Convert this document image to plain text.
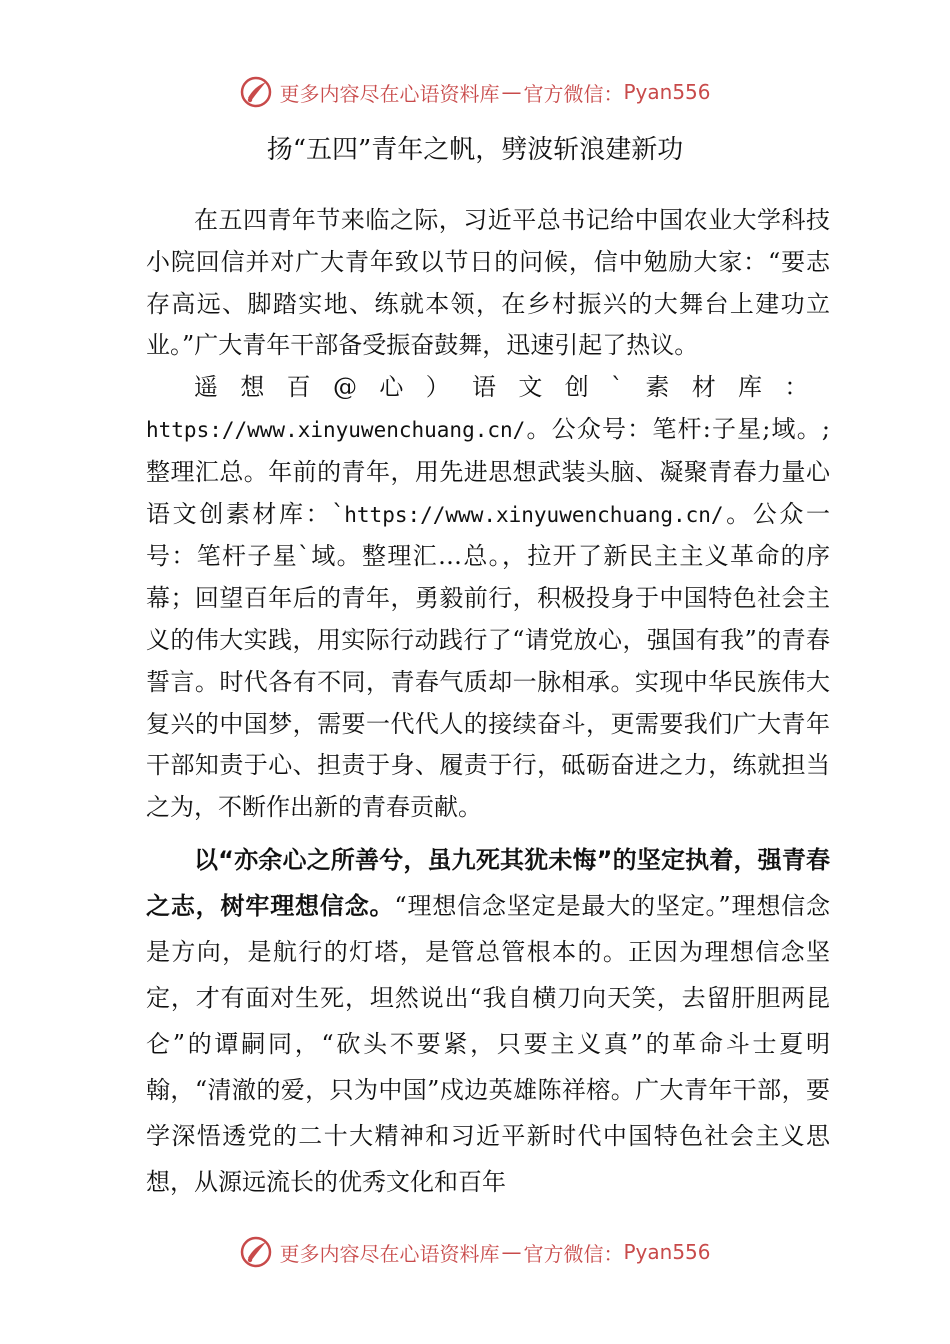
更多内容尽在心语资料库 — 官方微信： Pyan556
扬“五四”青年之帆，劈波斩浪建新功

在五四青年节来临之际，习近平总书记给中国农业大学科技小院回信并对广大青年致以节日的问候，信中勉励大家：“要志存高远、脚踏实地、练就本领，在乡村振兴的大舞台上建功立业。”广大青年干部备受振奋鼓舞，迅速引起了热议。

遥想百@心）语文创`素材库：https://www.xinyuwenchuang.cn/。公众号：笔杆:子星;域。;整理汇总。年前的青年，用先进思想武装头脑、凝聚青春力量心语文创素材库：`https://www.xinyuwenchuang.cn/。公众一号：笔杆子星`域。整理汇…总。，拉开了新民主主义革命的序幕；回望百年后的青年，勇毅前行，积极投身于中国特色社会主义的伟大实践，用实际行动践行了“请党放心，强国有我”的青春誓言。时代各有不同，青春气质却一脉相承。实现中华民族伟大复兴的中国梦，需要一代代人的接续奋斗，更需要我们广大青年干部知责于心、担责于身、履责于行，砥砺奋进之力，练就担当之为，不断作出新的青春贡献。

以“亦余心之所善兮，虽九死其犹未悔”的坚定执着，强青春之志，树牢理想信念。“理想信念坚定是最大的坚定。”理想信念是方向，是航行的灯塔，是管总管根本的。正因为理想信念坚定，才有面对生死，坦然说出“我自横刀向天笑，去留肝胆两昆仑”的谭嗣同，“砍头不要紧，只要主义真”的革命斗士夏明翰，“清澈的爱，只为中国”戍边英雄陈祥榕。广大青年干部，要学深悟透党的二十大精神和习近平新时代中国特色社会主义思想，从源远流长的优秀文化和百年

更多内容尽在心语资料库 — 官方微信： Pyan556
